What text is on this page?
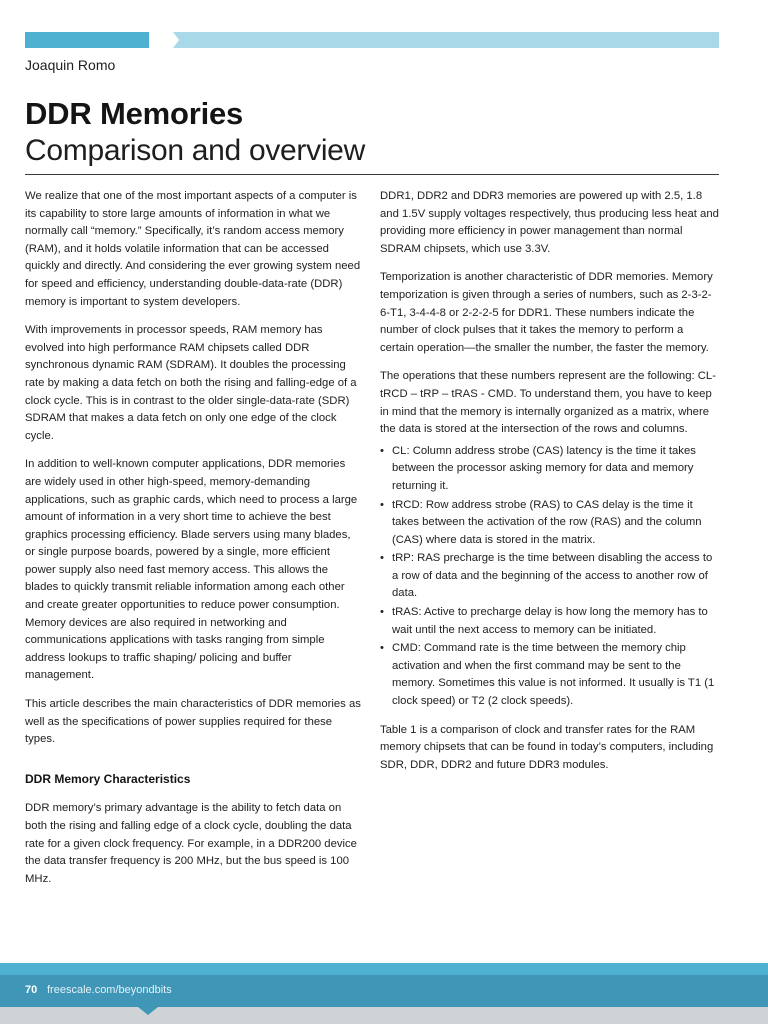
Joaquin Romo
DDR Memories
Comparison and overview

We realize that one of the most important aspects of a computer is its capability to store large amounts of information in what we normally call “memory.” Specifically, it’s random access memory (RAM), and it holds volatile information that can be accessed quickly and directly. And considering the ever growing system need for speed and efficiency, understanding double-data-rate (DDR) memory is important to system developers.

With improvements in processor speeds, RAM memory has evolved into high performance RAM chipsets called DDR synchronous dynamic RAM (SDRAM). It doubles the processing rate by making a data fetch on both the rising and falling-edge of a clock cycle. This is in contrast to the older single-data-rate (SDR) SDRAM that makes a data fetch on only one edge of the clock cycle.

In addition to well-known computer applications, DDR memories are widely used in other high-speed, memory-demanding applications, such as graphic cards, which need to process a large amount of information in a very short time to achieve the best graphics processing efficiency. Blade servers using many blades, or single purpose boards, powered by a single, more efficient power supply also need fast memory access. This allows the blades to quickly transmit reliable information among each other and create greater opportunities to reduce power consumption. Memory devices are also required in networking and communications applications with tasks ranging from simple address lookups to traffic shaping/ policing and buffer management.

This article describes the main characteristics of DDR memories as well as the specifications of power supplies required for these types.

DDR Memory Characteristics

DDR memory’s primary advantage is the ability to fetch data on both the rising and falling edge of a clock cycle, doubling the data rate for a given clock frequency. For example, in a DDR200 device the data transfer frequency is 200 MHz, but the bus speed is 100 MHz.

DDR1, DDR2 and DDR3 memories are powered up with 2.5, 1.8 and 1.5V supply voltages respectively, thus producing less heat and providing more efficiency in power management than normal SDRAM chipsets, which use 3.3V.

Temporization is another characteristic of DDR memories. Memory temporization is given through a series of numbers, such as 2-3-2-6-T1, 3-4-4-8 or 2-2-2-5 for DDR1. These numbers indicate the number of clock pulses that it takes the memory to perform a certain operation—the smaller the number, the faster the memory.

The operations that these numbers represent are the following: CL- tRCD – tRP – tRAS - CMD. To understand them, you have to keep in mind that the memory is internally organized as a matrix, where the data is stored at the intersection of the rows and columns.

• CL: Column address strobe (CAS) latency is the time it takes between the processor asking memory for data and memory returning it.
• tRCD: Row address strobe (RAS) to CAS delay is the time it takes between the activation of the row (RAS) and the column (CAS) where data is stored in the matrix.
• tRP: RAS precharge is the time between disabling the access to a row of data and the beginning of the access to another row of data.
• tRAS: Active to precharge delay is how long the memory has to wait until the next access to memory can be initiated.
• CMD: Command rate is the time between the memory chip activation and when the first command may be sent to the memory. Sometimes this value is not informed. It usually is T1 (1 clock speed) or T2 (2 clock speeds).

Table 1 is a comparison of clock and transfer rates for the RAM memory chipsets that can be found in today’s computers, including SDR, DDR, DDR2 and future DDR3 modules.

70 freescale.com/beyondbits
